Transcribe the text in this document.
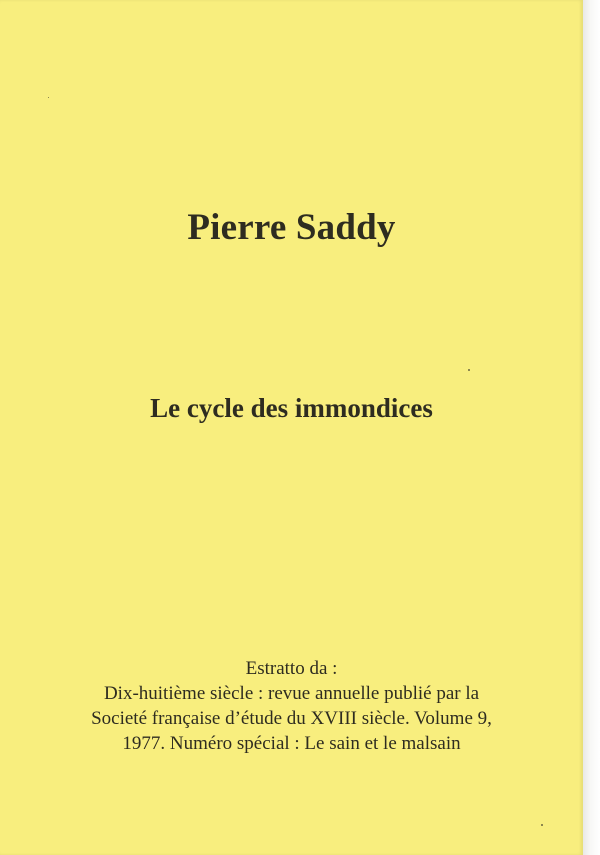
Pierre Saddy
Le cycle des immondices
Estratto da :
Dix-huitième siècle : revue annuelle publié par la
Societé française d’étude du XVIII siècle. Volume 9,
1977. Numéro spécial : Le sain et le malsain
